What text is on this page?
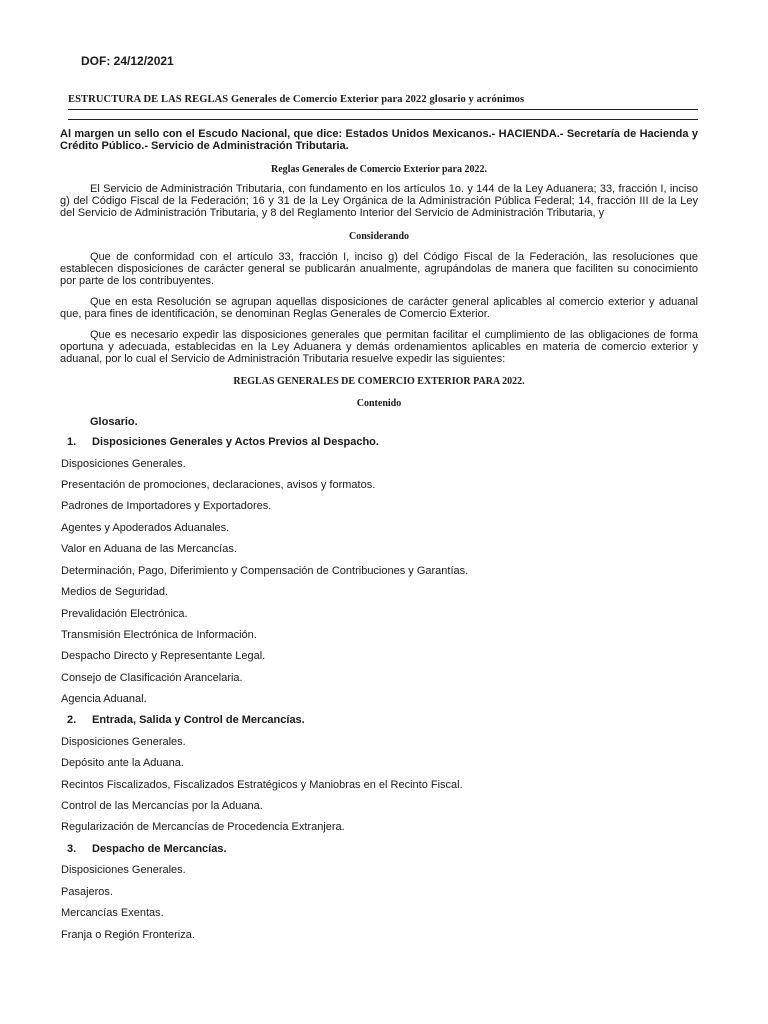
DOF: 24/12/2021
ESTRUCTURA DE LAS REGLAS Generales de Comercio Exterior para 2022 glosario y acrónimos
Al margen un sello con el Escudo Nacional, que dice: Estados Unidos Mexicanos.- HACIENDA.- Secretaría de Hacienda y Crédito Público.- Servicio de Administración Tributaria.
Reglas Generales de Comercio Exterior para 2022.
El Servicio de Administración Tributaria, con fundamento en los artículos 1o. y 144 de la Ley Aduanera; 33, fracción I, inciso g) del Código Fiscal de la Federación; 16 y 31 de la Ley Orgánica de la Administración Pública Federal; 14, fracción III de la Ley del Servicio de Administración Tributaria, y 8 del Reglamento Interior del Servicio de Administración Tributaria, y
Considerando
Que de conformidad con el artículo 33, fracción I, inciso g) del Código Fiscal de la Federación, las resoluciones que establecen disposiciones de carácter general se publicarán anualmente, agrupándolas de manera que faciliten su conocimiento por parte de los contribuyentes.
Que en esta Resolución se agrupan aquellas disposiciones de carácter general aplicables al comercio exterior y aduanal que, para fines de identificación, se denominan Reglas Generales de Comercio Exterior.
Que es necesario expedir las disposiciones generales que permitan facilitar el cumplimiento de las obligaciones de forma oportuna y adecuada, establecidas en la Ley Aduanera y demás ordenamientos aplicables en materia de comercio exterior y aduanal, por lo cual el Servicio de Administración Tributaria resuelve expedir las siguientes:
REGLAS GENERALES DE COMERCIO EXTERIOR PARA 2022.
Contenido
Glosario.
1. Disposiciones Generales y Actos Previos al Despacho.
Disposiciones Generales.
Presentación de promociones, declaraciones, avisos y formatos.
Padrones de Importadores y Exportadores.
Agentes y Apoderados Aduanales.
Valor en Aduana de las Mercancías.
Determinación, Pago, Diferimiento y Compensación de Contribuciones y Garantías.
Medios de Seguridad.
Prevalidación Electrónica.
Transmisión Electrónica de Información.
Despacho Directo y Representante Legal.
Consejo de Clasificación Arancelaria.
Agencia Aduanal.
2. Entrada, Salida y Control de Mercancías.
Disposiciones Generales.
Depósito ante la Aduana.
Recintos Fiscalizados, Fiscalizados Estratégicos y Maniobras en el Recinto Fiscal.
Control de las Mercancías por la Aduana.
Regularización de Mercancías de Procedencia Extranjera.
3. Despacho de Mercancías.
Disposiciones Generales.
Pasajeros.
Mercancías Exentas.
Franja o Región Fronteriza.
